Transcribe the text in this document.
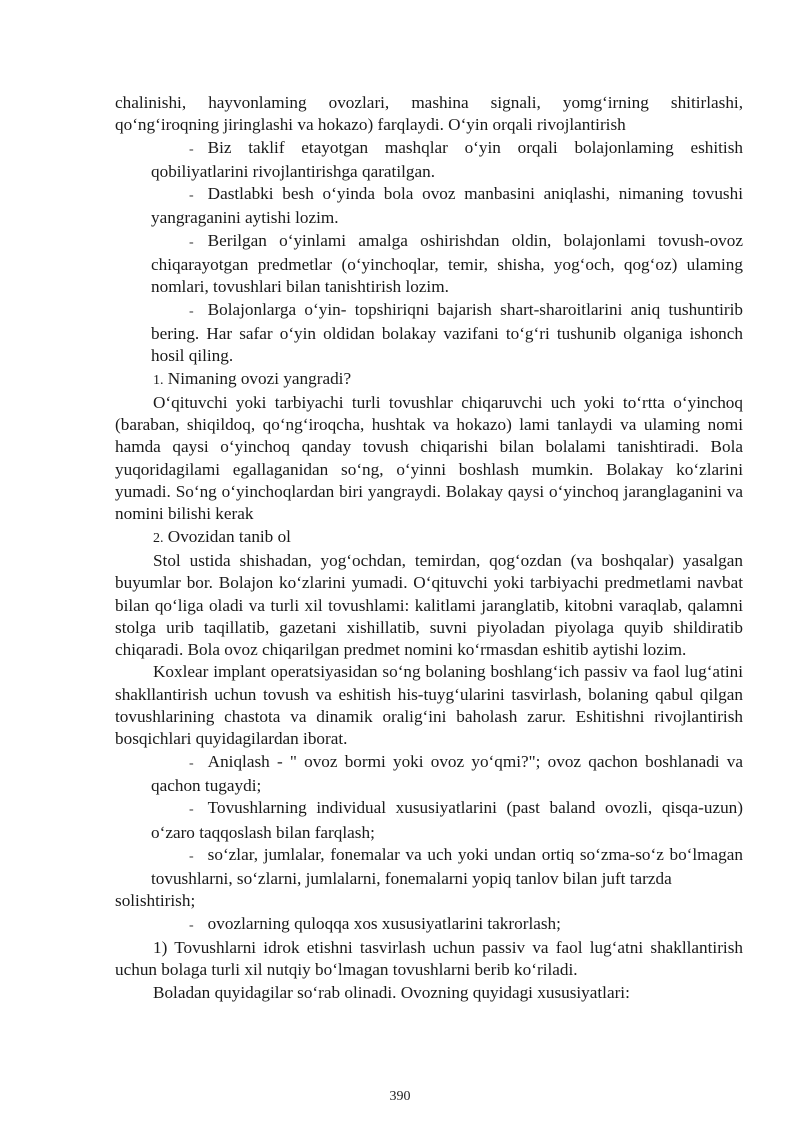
chalinishi, hayvonlaming ovozlari, mashina signali, yomg‘irning shitirlashi, qo‘ng‘iroqning jiringlashi va hokazo) farqlaydi. O‘yin orqali rivojlantirish

- Biz taklif etayotgan mashqlar o‘yin orqali bolajonlaming eshitish qobiliyatlarini rivojlantirishga qaratilgan.

- Dastlabki besh o‘yinda bola ovoz manbasini aniqlashi, nimaning tovushi yangraganini aytishi lozim.

- Berilgan o‘yinlami amalga oshirishdan oldin, bolajonlami tovush-ovoz chiqarayotgan predmetlar (o‘yinchoqlar, temir, shisha, yog‘och, qog‘oz) ulaming nomlari, tovushlari bilan tanishtirish lozim.

- Bolajonlarga o‘yin- topshiriqni bajarish shart-sharoitlarini aniq tushuntirib bering. Har safar o‘yin oldidan bolakay vazifani to‘g‘ri tushunib olganiga ishonch hosil qiling.

1. Nimaning ovozi yangradi?

O‘qituvchi yoki tarbiyachi turli tovushlar chiqaruvchi uch yoki to‘rtta o‘yinchoq (baraban, shiqildoq, qo‘ng‘iroqcha, hushtak va hokazo) lami tanlaydi va ulaming nomi hamda qaysi o‘yinchoq qanday tovush chiqarishi bilan bolalami tanishtiradi. Bola yuqoridagilami egallaganidan so‘ng, o‘yinni boshlash mumkin. Bolakay ko‘zlarini yumadi. So‘ng o‘yinchoqlardan biri yangraydi. Bolakay qaysi o‘yinchoq jaranglaganini va nomini bilishi kerak

2. Ovozidan tanib ol

Stol ustida shishadan, yog‘ochdan, temirdan, qog‘ozdan (va boshqalar) yasalgan buyumlar bor. Bolajon ko‘zlarini yumadi. O‘qituvchi yoki tarbiyachi predmetlami navbat bilan qo‘liga oladi va turli xil tovushlami: kalitlami jaranglatib, kitobni varaqlab, qalamni stolga urib taqillatib, gazetani xishillatib, suvni piyoladan piyolaga quyib shildiratib chiqaradi. Bola ovoz chiqarilgan predmet nomini ko‘rmasdan eshitib aytishi lozim.

Koxlear implant operatsiyasidan so‘ng bolaning boshlang‘ich passiv va faol lug‘atini shakllantirish uchun tovush va eshitish his-tuyg‘ularini tasvirlash, bolaning qabul qilgan tovushlarining chastota va dinamik oralig‘ini baholash zarur. Eshitishni rivojlantirish bosqichlari quyidagilardan iborat.

- Aniqlash - " ovoz bormi yoki ovoz yo‘qmi?"; ovoz qachon boshlanadi va qachon tugaydi;

- Tovushlarning individual xususiyatlarini (past baland ovozli, qisqa-uzun) o‘zaro taqqoslash bilan farqlash;

- so‘zlar, jumlalar, fonemalar va uch yoki undan ortiq so‘zma-so‘z bo‘lmagan tovushlarni, so‘zlarni, jumlalarni, fonemalarni yopiq tanlov bilan juft tarzda

solishtirish;

- ovozlarning quloqqa xos xususiyatlarini takrorlash;

1) Tovushlarni idrok etishni tasvirlash uchun passiv va faol lug‘atni shakllantirish uchun bolaga turli xil nutqiy bo‘lmagan tovushlarni berib ko‘riladi.

Boladan quyidagilar so‘rab olinadi. Ovozning quyidagi xususiyatlari:

390
